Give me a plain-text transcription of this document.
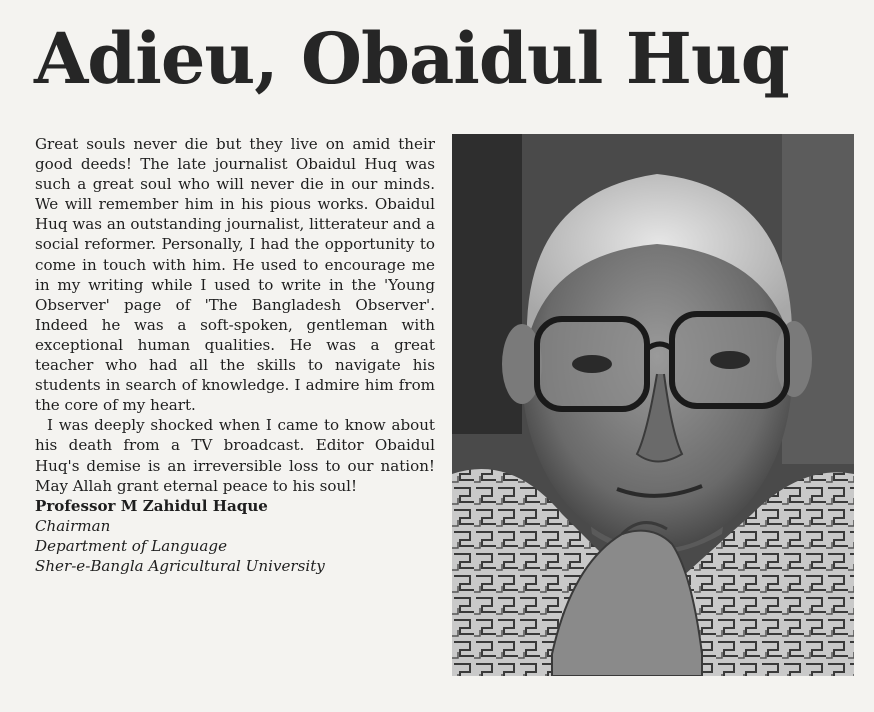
Adieu, Obaidul Huq

Great souls never die but they live on amid their good deeds! The late journalist Obaidul Huq was such a great soul who will never die in our minds. We will remember him in his pious works. Obaidul Huq was an outstanding journalist, litterateur and a social reformer. Personally, I had the opportunity to come in touch with him. He used to encourage me in my writing while I used to write in the 'Young Observer' page of 'The Bangladesh Observer'. Indeed he was a soft-spoken, gentleman with exceptional human qualities. He was a great teacher who had all the skills to navigate his students in search of knowledge. I admire him from the core of my heart.

I was deeply shocked when I came to know about his death from a TV broadcast. Editor Obaidul Huq's demise is an irreversible loss to our nation! May Allah grant eternal peace to his soul!

Professor M Zahidul Haque
Chairman
Department of Language
Sher-e-Bangla Agricultural University
